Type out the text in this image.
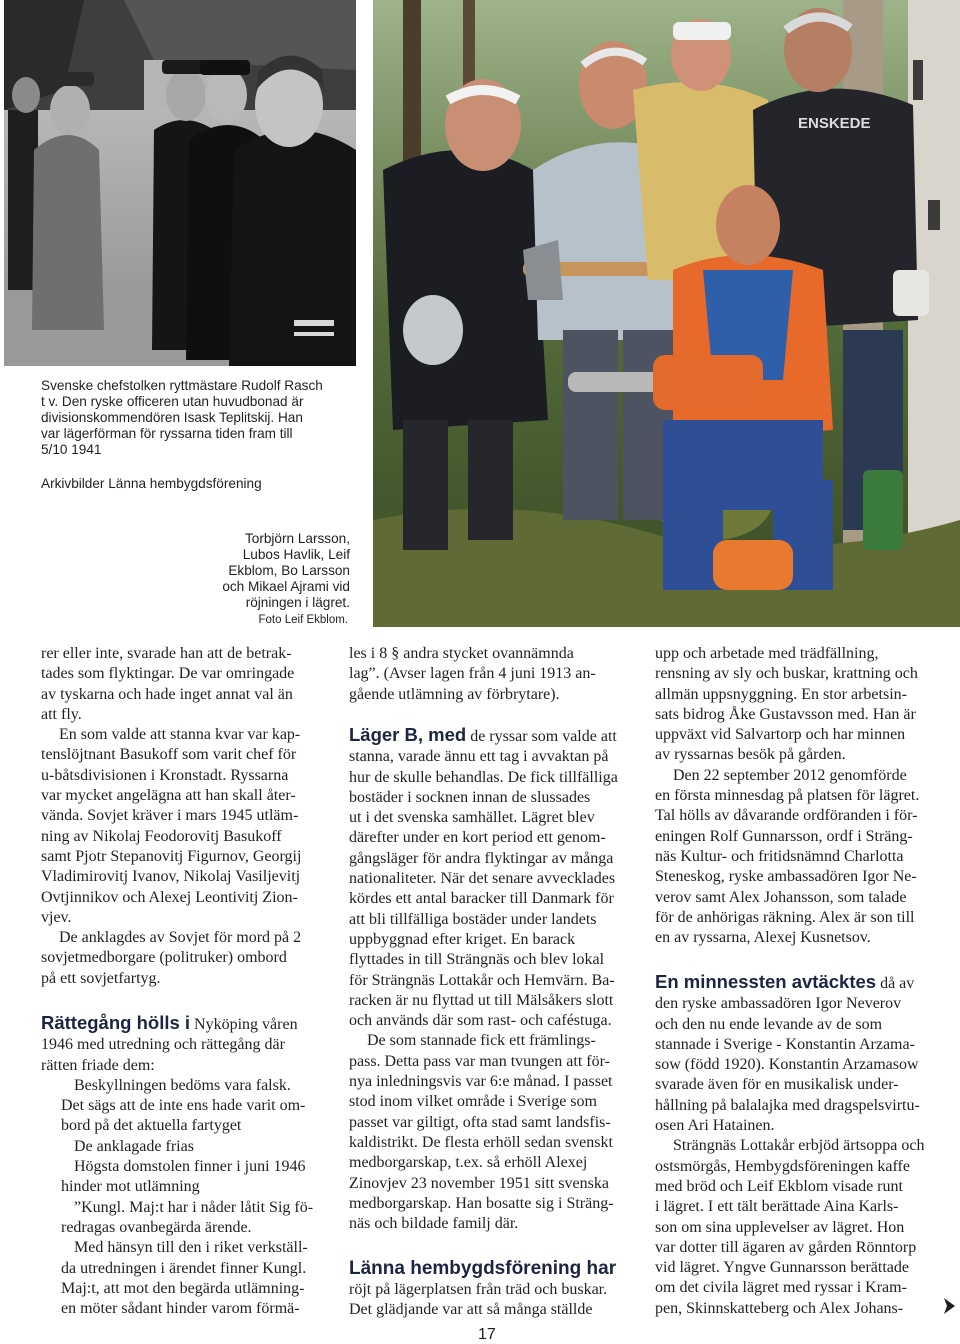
ENSKEDE
Svenske chefstolken ryttmästare Rudolf Rasch
t v. Den ryske officeren utan huvudbonad är
divisionskommendören Isask Teplitskij. Han
var lägerförman för ryssarna tiden fram till
5/10 1941
Arkivbilder Länna hembygdsförening
Torbjörn Larsson,
Lubos Havlik, Leif
Ekblom, Bo Larsson
och Mikael Ajrami vid
röjningen i lägret.
Foto Leif Ekblom.
rer eller inte, svarade han att de betrak-
tades som flyktingar. De var omringade
av tyskarna och hade inget annat val än
att fly.
En som valde att stanna kvar var kap-
tenslöjtnant Basukoff som varit chef för
u-båtsdivisionen i Kronstadt. Ryssarna
var mycket angelägna att han skall åter-
vända. Sovjet kräver i mars 1945 utläm-
ning av Nikolaj Feodorovitj Basukoff
samt Pjotr Stepanovitj Figurnov, Georgij
Vladimirovitj Ivanov, Nikolaj Vasiljevitj
Ovtjinnikov och Alexej Leontivitj Zion-
vjev.
De anklagdes av Sovjet för mord på 2
sovjetmedborgare (politruker) ombord
på ett sovjetfartyg.
Rättegång hölls i Nyköping våren
1946 med utredning och rättegång där
rätten friade dem:
Beskyllningen bedöms vara falsk.
Det sägs att de inte ens hade varit om-
bord på det aktuella fartyget
De anklagade frias
Högsta domstolen finner i juni 1946
hinder mot utlämning
”Kungl. Maj:t har i nåder låtit Sig fö-
redragas ovanbegärda ärende.
Med hänsyn till den i riket verkställ-
da utredningen i ärendet finner Kungl.
Maj:t, att mot den begärda utlämning-
en möter sådant hinder varom förmä-
les i 8 § andra stycket ovannämnda
lag”. (Avser lagen från 4 juni 1913 an-
gående utlämning av förbrytare).
Läger B, med de ryssar som valde att
stanna, varade ännu ett tag i avvaktan på
hur de skulle behandlas. De fick tillfälliga
bostäder i socknen innan de slussades
ut i det svenska samhället. Lägret blev
därefter under en kort period ett genom-
gångsläger för andra flyktingar av många
nationaliteter. När det senare avvecklades
kördes ett antal baracker till Danmark för
att bli tillfälliga bostäder under landets
uppbyggnad efter kriget. En barack
flyttades in till Strängnäs och blev lokal
för Strängnäs Lottakår och Hemvärn. Ba-
racken är nu flyttad ut till Mälsåkers slott
och används där som rast- och caféstuga.
De som stannade fick ett främlings-
pass. Detta pass var man tvungen att för-
nya inledningsvis var 6:e månad. I passet
stod inom vilket område i Sverige som
passet var giltigt, ofta stad samt landsfis-
kaldistrikt. De flesta erhöll sedan svenskt
medborgarskap, t.ex. så erhöll Alexej
Zinovjev 23 november 1951 sitt svenska
medborgarskap. Han bosatte sig i Sträng-
näs och bildade familj där.
Länna hembygdsförening har
röjt på lägerplatsen från träd och buskar.
Det glädjande var att så många ställde
upp och arbetade med trädfällning,
rensning av sly och buskar, krattning och
allmän uppsnyggning. En stor arbetsin-
sats bidrog Åke Gustavsson med. Han är
uppväxt vid Salvartorp och har minnen
av ryssarnas besök på gården.
Den 22 september 2012 genomförde
en första minnesdag på platsen för lägret.
Tal hölls av dåvarande ordföranden i för-
eningen Rolf Gunnarsson, ordf i Sträng-
näs Kultur- och fritidsnämnd Charlotta
Steneskog, ryske ambassadören Igor Ne-
verov samt Alex Johansson, som talade
för de anhörigas räkning. Alex är son till
en av ryssarna, Alexej Kusnetsov.
En minnessten avtäcktes då av
den ryske ambassadören Igor Neverov
och den nu ende levande av de som
stannade i Sverige - Konstantin Arzama-
sow (född 1920). Konstantin Arzamasow
svarade även för en musikalisk under-
hållning på balalajka med dragspelsvirtu-
osen Ari Hatainen.
Strängnäs Lottakår erbjöd ärtsoppa och
ostsmörgås, Hembygdsföreningen kaffe
med bröd och Leif Ekblom visade runt
i lägret. I ett tält berättade Aina Karls-
son om sina upplevelser av lägret. Hon
var dotter till ägaren av gården Rönntorp
vid lägret. Yngve Gunnarsson berättade
om det civila lägret med ryssar i Kram-
pen, Skinnskatteberg och Alex Johans-
17
